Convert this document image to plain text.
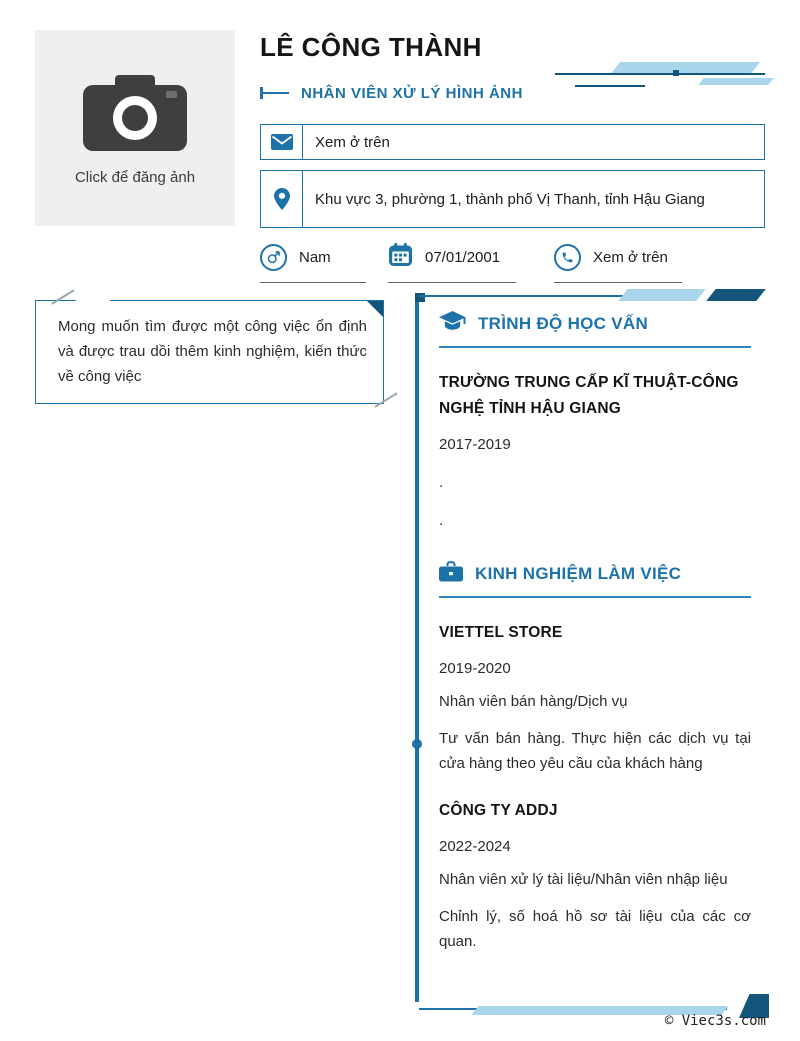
Click để đăng ảnh
LÊ CÔNG THÀNH
NHÂN VIÊN XỬ LÝ HÌNH ẢNH
Xem ở trên
Khu vực 3, phường 1, thành phố Vị Thanh, tỉnh Hậu Giang
Nam	07/01/2001	Xem ở trên
Mong muốn tìm được một công việc ổn định và được trau dồi thêm kinh nghiệm, kiến thức về công việc
TRÌNH ĐỘ HỌC VẤN
TRƯỜNG TRUNG CẤP KĨ THUẬT-CÔNG NGHỆ TỈNH HẬU GIANG
2017-2019
.
.
KINH NGHIỆM LÀM VIỆC
VIETTEL STORE
2019-2020
Nhân viên bán hàng/Dịch vụ
Tư vấn bán hàng. Thực hiện các dịch vụ tại cửa hàng theo yêu cầu của khách hàng
CÔNG TY ADDJ
2022-2024
Nhân viên xử lý tài liệu/Nhân viên nhập liệu
Chỉnh lý, số hoá hồ sơ tài liệu của các cơ quan.
© Viec3s.com
